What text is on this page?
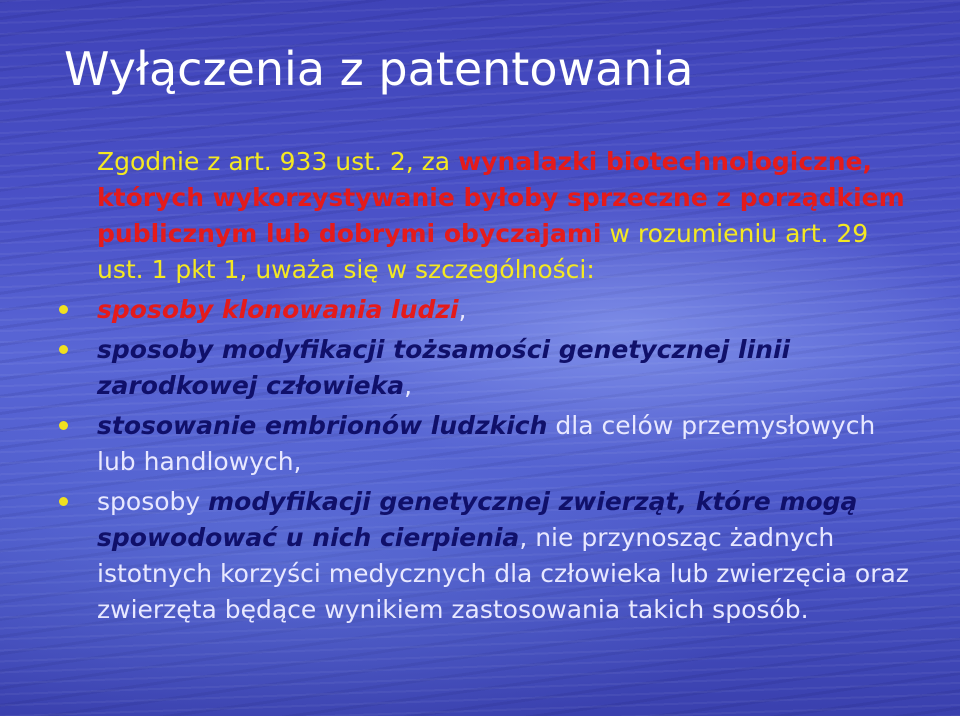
Wyłączenia z patentowania

Zgodnie z art. 933 ust. 2, za wynalazki biotechnologiczne, których wykorzystywanie byłoby sprzeczne z porządkiem publicznym lub dobrymi obyczajami w rozumieniu art. 29 ust. 1 pkt 1, uważa się w szczególności:

sposoby klonowania ludzi,
sposoby modyfikacji tożsamości genetycznej linii zarodkowej człowieka,
stosowanie embrionów ludzkich dla celów przemysłowych lub handlowych,
sposoby modyfikacji genetycznej zwierząt, które mogą spowodować u nich cierpienia, nie przynosząc żadnych istotnych korzyści medycznych dla człowieka lub zwierzęcia oraz zwierzęta będące wynikiem zastosowania takich sposób.
